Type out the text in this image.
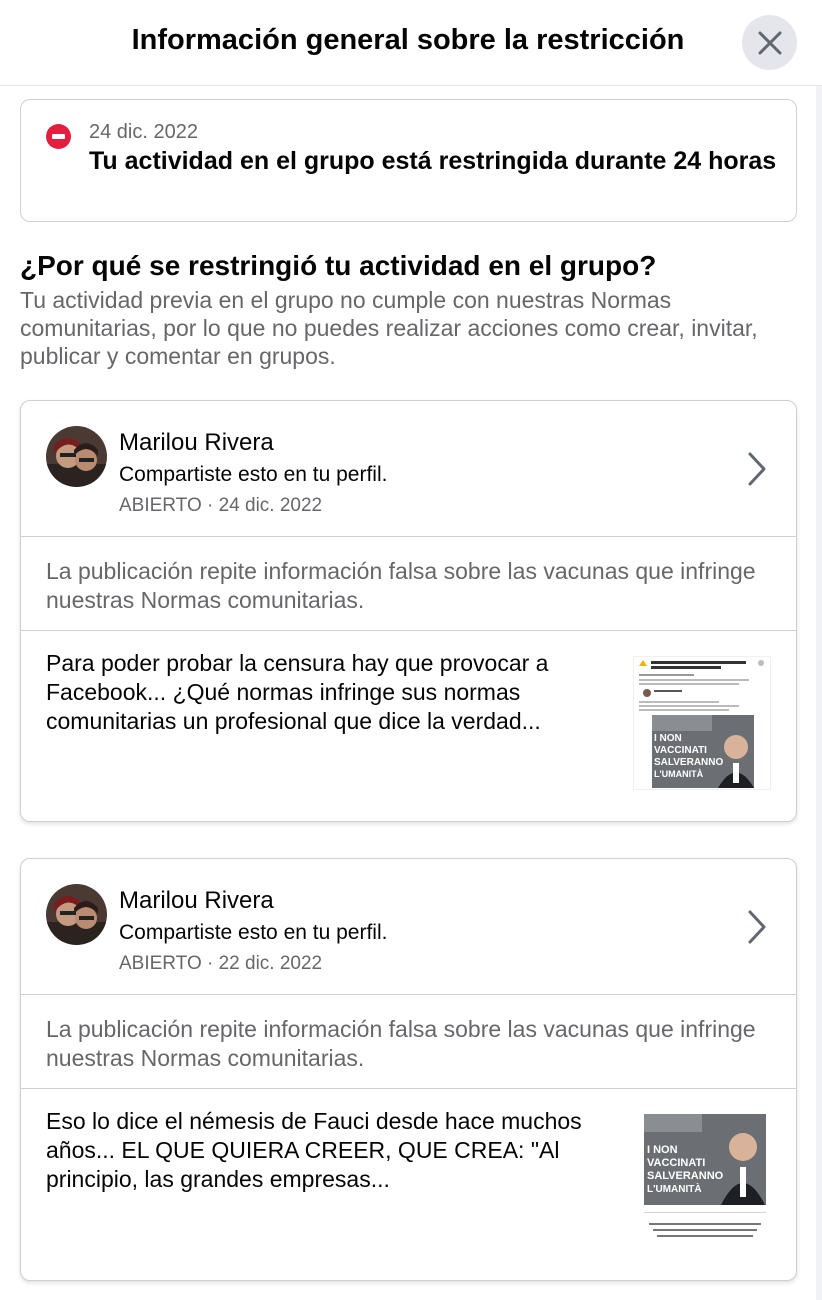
Información general sobre la restricción
24 dic. 2022
Tu actividad en el grupo está restringida durante 24 horas
¿Por qué se restringió tu actividad en el grupo?
Tu actividad previa en el grupo no cumple con nuestras Normas comunitarias, por lo que no puedes realizar acciones como crear, invitar, publicar y comentar en grupos.
Marilou Rivera
Compartiste esto en tu perfil.
ABIERTO · 24 dic. 2022
La publicación repite información falsa sobre las vacunas que infringe nuestras Normas comunitarias.
Para poder probar la censura hay que provocar a Facebook... ¿Qué normas infringe sus normas comunitarias un profesional que dice la verdad...
I NON
VACCINATI
SALVERANNO
L'UMANITÀ
Marilou Rivera
Compartiste esto en tu perfil.
ABIERTO · 22 dic. 2022
La publicación repite información falsa sobre las vacunas que infringe nuestras Normas comunitarias.
Eso lo dice el némesis de Fauci desde hace muchos años... EL QUE QUIERA CREER, QUE CREA: "Al principio, las grandes empresas...
I NON
VACCINATI
SALVERANNO
L'UMANITÀ
